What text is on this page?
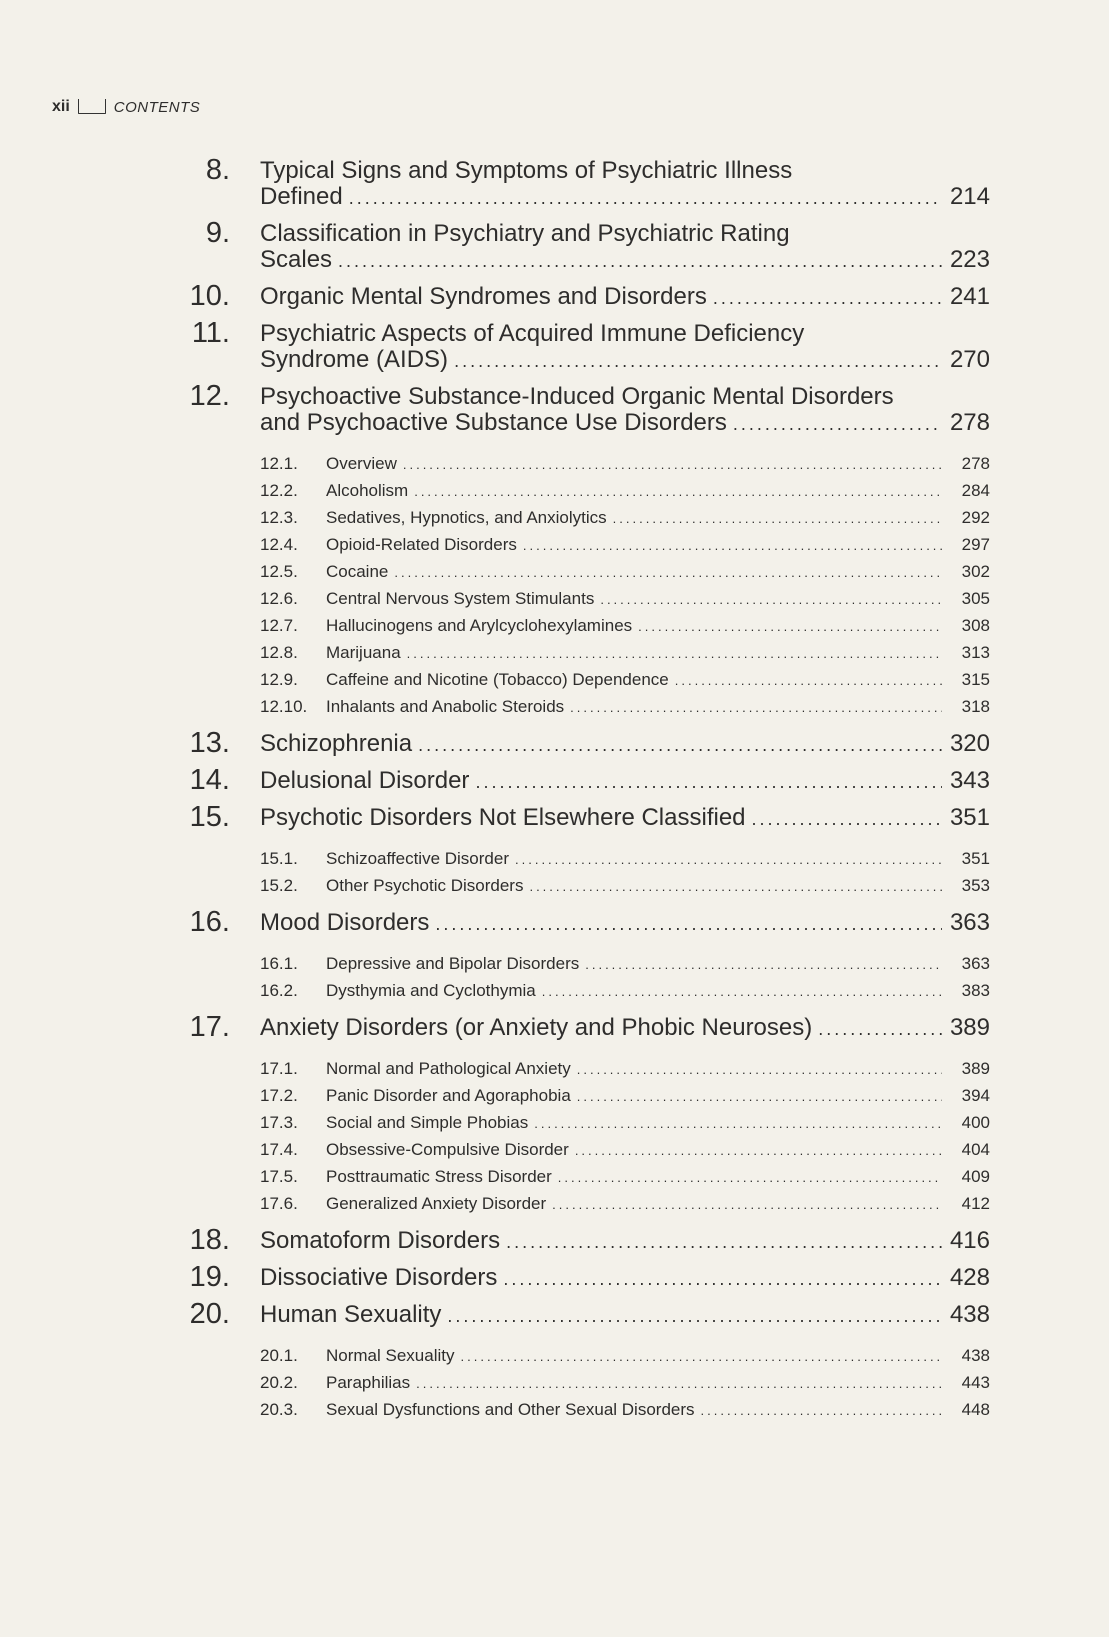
xii	CONTENTS
8. Typical Signs and Symptoms of Psychiatric Illness
Defined .....	214
9. Classification in Psychiatry and Psychiatric Rating
Scales .....	223
10. Organic Mental Syndromes and Disorders .....	241
11. Psychiatric Aspects of Acquired Immune Deficiency
Syndrome (AIDS) .....	270
12. Psychoactive Substance-Induced Organic Mental Disorders
and Psychoactive Substance Use Disorders .....	278
12.1.	Overview .....	278
12.2.	Alcoholism .....	284
12.3.	Sedatives, Hypnotics, and Anxiolytics .....	292
12.4.	Opioid-Related Disorders .....	297
12.5.	Cocaine .....	302
12.6.	Central Nervous System Stimulants .....	305
12.7.	Hallucinogens and Arylcyclohexylamines .....	308
12.8.	Marijuana .....	313
12.9.	Caffeine and Nicotine (Tobacco) Dependence .....	315
12.10.	Inhalants and Anabolic Steroids .....	318
13. Schizophrenia .....	320
14. Delusional Disorder .....	343
15. Psychotic Disorders Not Elsewhere Classified .....	351
15.1.	Schizoaffective Disorder .....	351
15.2.	Other Psychotic Disorders .....	353
16. Mood Disorders .....	363
16.1.	Depressive and Bipolar Disorders .....	363
16.2.	Dysthymia and Cyclothymia .....	383
17. Anxiety Disorders (or Anxiety and Phobic Neuroses) .....	389
17.1.	Normal and Pathological Anxiety .....	389
17.2.	Panic Disorder and Agoraphobia .....	394
17.3.	Social and Simple Phobias .....	400
17.4.	Obsessive-Compulsive Disorder .....	404
17.5.	Posttraumatic Stress Disorder .....	409
17.6.	Generalized Anxiety Disorder .....	412
18. Somatoform Disorders .....	416
19. Dissociative Disorders .....	428
20. Human Sexuality .....	438
20.1.	Normal Sexuality .....	438
20.2.	Paraphilias .....	443
20.3.	Sexual Dysfunctions and Other Sexual Disorders .....	448
